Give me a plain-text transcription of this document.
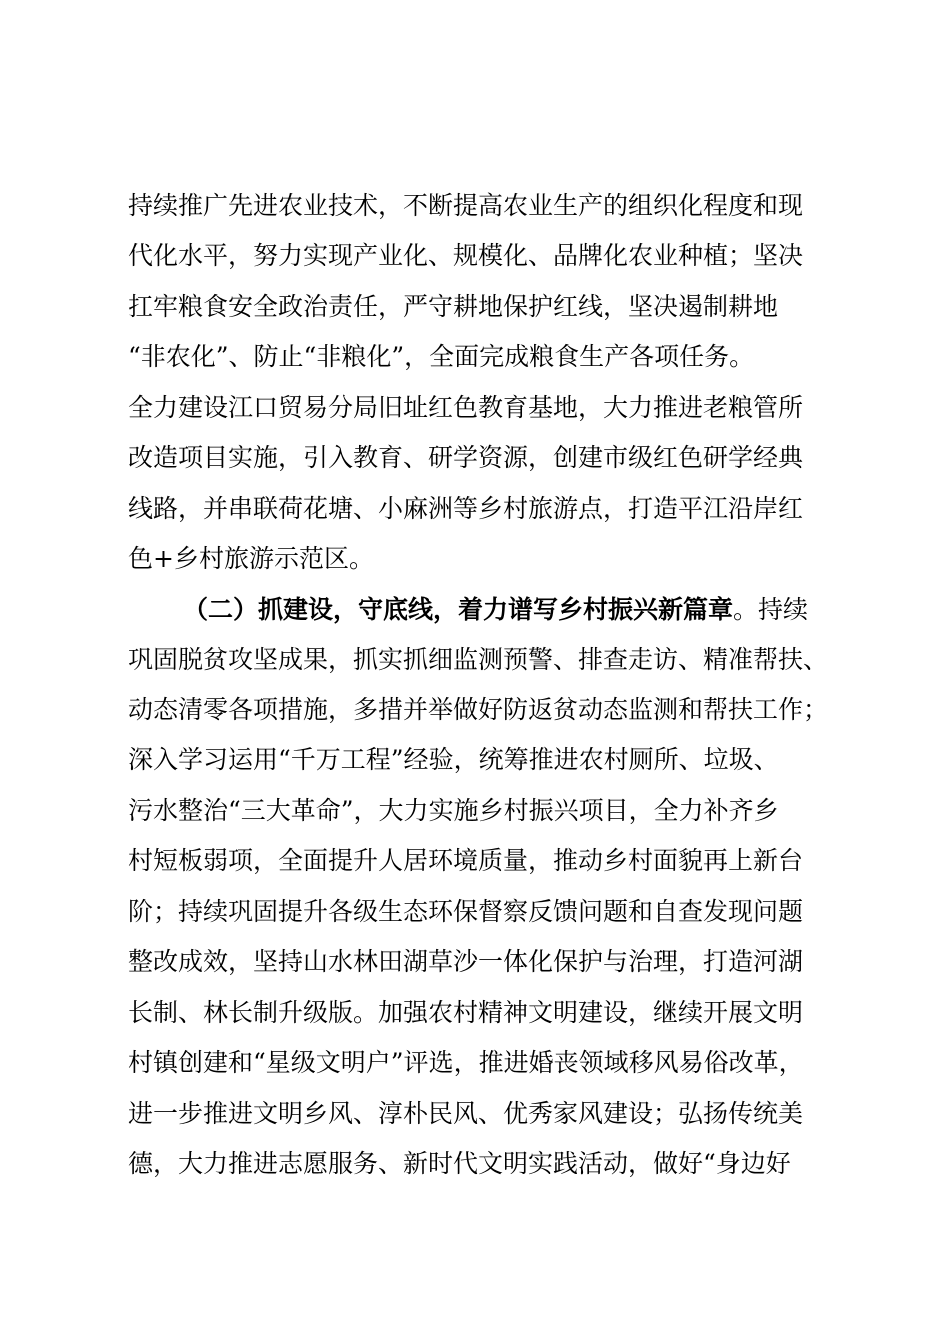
持续推广先进农业技术，不断提高农业生产的组织化程度和现
代化水平，努力实现产业化、规模化、品牌化农业种植；坚决
扛牢粮食安全政治责任，严守耕地保护红线，坚决遏制耕地
“非农化”、防止“非粮化”，全面完成粮食生产各项任务。
全力建设江口贸易分局旧址红色教育基地，大力推进老粮管所
改造项目实施，引入教育、研学资源，创建市级红色研学经典
线路，并串联荷花塘、小麻洲等乡村旅游点，打造平江沿岸红
色+乡村旅游示范区。
（二）抓建设，守底线，着力谱写乡村振兴新篇章。持续
巩固脱贫攻坚成果，抓实抓细监测预警、排查走访、精准帮扶、
动态清零各项措施，多措并举做好防返贫动态监测和帮扶工作；
深入学习运用“千万工程”经验，统筹推进农村厕所、垃圾、
污水整治“三大革命”，大力实施乡村振兴项目，全力补齐乡
村短板弱项，全面提升人居环境质量，推动乡村面貌再上新台
阶；持续巩固提升各级生态环保督察反馈问题和自查发现问题
整改成效，坚持山水林田湖草沙一体化保护与治理，打造河湖
长制、林长制升级版。加强农村精神文明建设，继续开展文明
村镇创建和“星级文明户”评选，推进婚丧领域移风易俗改革，
进一步推进文明乡风、淳朴民风、优秀家风建设；弘扬传统美
德，大力推进志愿服务、新时代文明实践活动，做好“身边好
